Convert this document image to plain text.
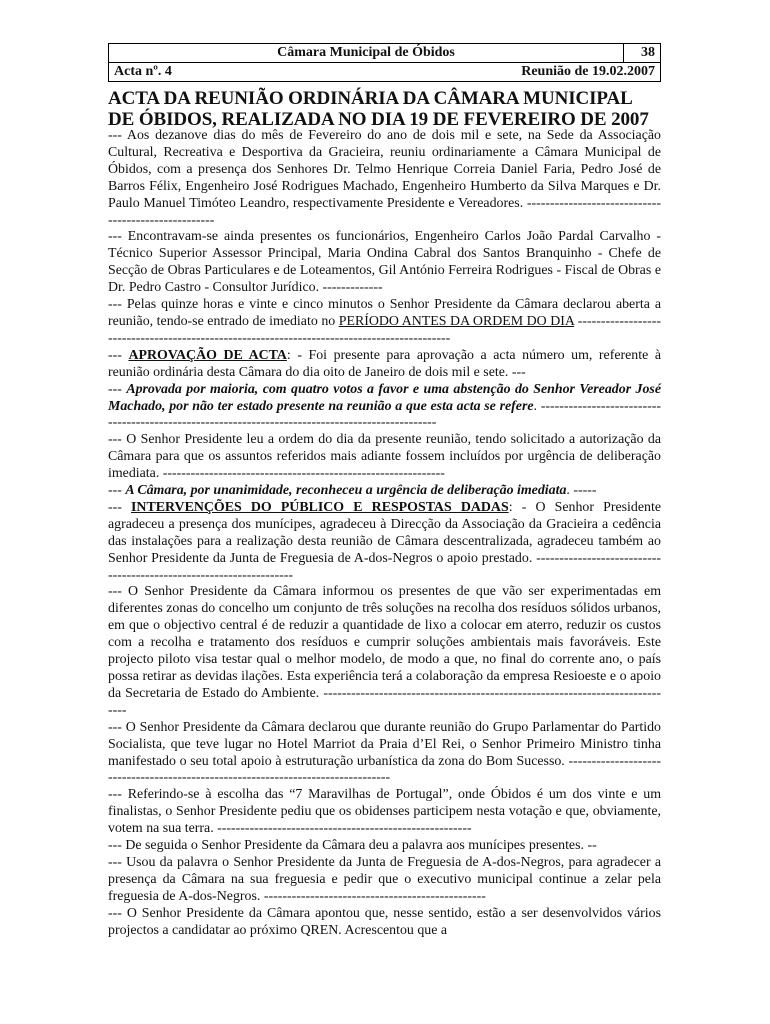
Câmara Municipal de Óbidos	38

Acta nº. 4	Reunião de 19.02.2007
ACTA DA REUNIÃO ORDINÁRIA DA CÂMARA MUNICIPAL
DE ÓBIDOS, REALIZADA NO DIA 19 DE FEVEREIRO DE 2007

--- Aos dezanove dias do mês de Fevereiro do ano de dois mil e sete, na Sede da Associação Cultural, Recreativa e Desportiva da Gracieira, reuniu ordinariamente a Câmara Municipal de Óbidos, com a presença dos Senhores Dr. Telmo Henrique Correia Daniel Faria, Pedro José de Barros Félix, Engenheiro José Rodrigues Machado, Engenheiro Humberto da Silva Marques e Dr. Paulo Manuel Timóteo Leandro, respectivamente Presidente e Vereadores. ----------------------------------------------------

--- Encontravam-se ainda presentes os funcionários, Engenheiro Carlos João Pardal Carvalho - Técnico Superior Assessor Principal, Maria Ondina Cabral dos Santos Branquinho - Chefe de Secção de Obras Particulares e de Loteamentos, Gil António Ferreira Rodrigues - Fiscal de Obras e Dr. Pedro Castro - Consultor Jurídico. -------------

--- Pelas quinze horas e vinte e cinco minutos o Senhor Presidente da Câmara declarou aberta a reunião, tendo-se entrado de imediato no PERÍODO ANTES DA ORDEM DO DIA --------------------------------------------------------------------------------------------

--- APROVAÇÃO DE ACTA: - Foi presente para aprovação a acta número um, referente à reunião ordinária desta Câmara do dia oito de Janeiro de dois mil e sete. ---

--- Aprovada por maioria, com quatro votos a favor e uma abstenção do Senhor Vereador José Machado, por não ter estado presente na reunião a que esta acta se refere. -------------------------------------------------------------------------------------------------

--- O Senhor Presidente leu a ordem do dia da presente reunião, tendo solicitado a autorização da Câmara para que os assuntos referidos mais adiante fossem incluídos por urgência de deliberação imediata. -------------------------------------------------------------

--- A Câmara, por unanimidade, reconheceu a urgência de deliberação imediata. -----

--- INTERVENÇÕES DO PÚBLICO E RESPOSTAS DADAS: - O Senhor Presidente agradeceu a presença dos munícipes, agradeceu à Direcção da Associação da Gracieira a cedência das instalações para a realização desta reunião de Câmara descentralizada, agradeceu também ao Senhor Presidente da Junta de Freguesia de A-dos-Negros o apoio prestado. -------------------------------------------------------------------

--- O Senhor Presidente da Câmara informou os presentes de que vão ser experimentadas em diferentes zonas do concelho um conjunto de três soluções na recolha dos resíduos sólidos urbanos, em que o objectivo central é de reduzir a quantidade de lixo a colocar em aterro, reduzir os custos com a recolha e tratamento dos resíduos e cumprir soluções ambientais mais favoráveis. Este projecto piloto visa testar qual o melhor modelo, de modo a que, no final do corrente ano, o país possa retirar as devidas ilações. Esta experiência terá a colaboração da empresa Resioeste e o apoio da Secretaria de Estado do Ambiente. -----------------------------------------------------------------------------

--- O Senhor Presidente da Câmara declarou que durante reunião do Grupo Parlamentar do Partido Socialista, que teve lugar no Hotel Marriot da Praia d’El Rei, o Senhor Primeiro Ministro tinha manifestado o seu total apoio à estruturação urbanística da zona do Bom Sucesso. ---------------------------------------------------------------------------------

--- Referindo-se à escolha das “7 Maravilhas de Portugal”, onde Óbidos é um dos vinte e um finalistas, o Senhor Presidente pediu que os obidenses participem nesta votação e que, obviamente, votem na sua terra. -------------------------------------------------------

--- De seguida o Senhor Presidente da Câmara deu a palavra aos munícipes presentes. --

--- Usou da palavra o Senhor Presidente da Junta de Freguesia de A-dos-Negros, para agradecer a presença da Câmara na sua freguesia e pedir que o executivo municipal continue a zelar pela freguesia de A-dos-Negros. ------------------------------------------------

--- O Senhor Presidente da Câmara apontou que, nesse sentido, estão a ser desenvolvidos vários projectos a candidatar ao próximo QREN. Acrescentou que a
